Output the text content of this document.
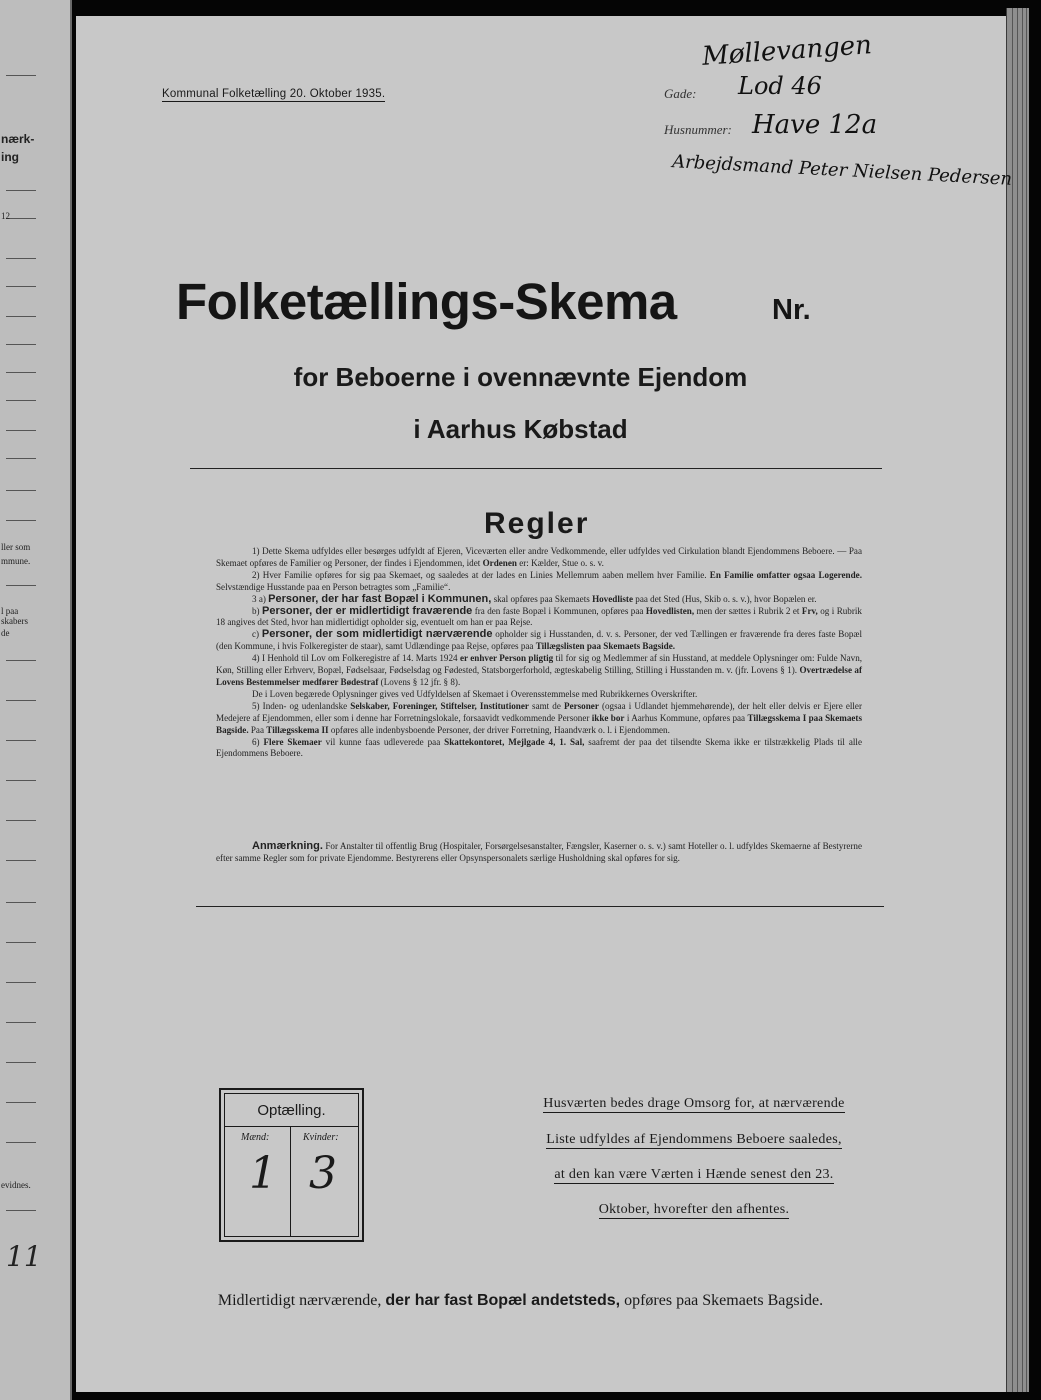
nærk-
ing
12
ller som
mmune.
l paa
skabers
de
evidnes.
11
Kommunal Folketælling 20. Oktober 1935.	Gade:
Husnummer:
Møllevangen
Lod 46
Have 12a
Arbejdsmand Peter Nielsen Pedersen
Folketællings-Skema	Nr.
for Beboerne i ovennævnte Ejendom
i Aarhus Købstad
Regler

1) Dette Skema udfyldes eller besørges udfyldt af Ejeren, Viceværten eller andre Vedkommende, eller udfyldes ved Cirkulation blandt Ejendommens Beboere. — Paa Skemaet opføres de Familier og Personer, der findes i Ejendommen, idet Ordenen er: Kælder, Stue o. s. v.

2) Hver Familie opføres for sig paa Skemaet, og saaledes at der lades en Linies Mellemrum aaben mellem hver Familie. En Familie omfatter ogsaa Logerende. Selvstændige Husstande paa en Person betragtes som „Familie“.

3 a) Personer, der har fast Bopæl i Kommunen, skal opføres paa Skemaets Hovedliste paa det Sted (Hus, Skib o. s. v.), hvor Bopælen er.

b) Personer, der er midlertidigt fraværende fra den faste Bopæl i Kommunen, opføres paa Hovedlisten, men der sættes i Rubrik 2 et Frv, og i Rubrik 18 angives det Sted, hvor han midlertidigt opholder sig, eventuelt om han er paa Rejse.

c) Personer, der som midlertidigt nærværende opholder sig i Husstanden, d. v. s. Personer, der ved Tællingen er fraværende fra deres faste Bopæl (den Kommune, i hvis Folkeregister de staar), samt Udlændinge paa Rejse, opføres paa Tillægslisten paa Skemaets Bagside.

4) I Henhold til Lov om Folkeregistre af 14. Marts 1924 er enhver Person pligtig til for sig og Medlemmer af sin Husstand, at meddele Oplysninger om: Fulde Navn, Køn, Stilling eller Erhverv, Bopæl, Fødselsaar, Fødselsdag og Fødested, Statsborgerforhold, ægteskabelig Stilling, Stilling i Husstanden m. v. (jfr. Lovens § 1). Overtrædelse af Lovens Bestemmelser medfører Bødestraf (Lovens § 12 jfr. § 8).

De i Loven begærede Oplysninger gives ved Udfyldelsen af Skemaet i Overensstemmelse med Rubrikkernes Overskrifter.

5) Inden- og udenlandske Selskaber, Foreninger, Stiftelser, Institutioner samt de Personer (ogsaa i Udlandet hjemmehørende), der helt eller delvis er Ejere eller Medejere af Ejendommen, eller som i denne har Forretningslokale, forsaavidt vedkommende Personer ikke bor i Aarhus Kommune, opføres paa Tillægsskema I paa Skemaets Bagside. Paa Tillægsskema II opføres alle indenbysboende Personer, der driver Forretning, Haandværk o. l. i Ejendommen.

6) Flere Skemaer vil kunne faas udleverede paa Skattekontoret, Mejlgade 4, 1. Sal, saafremt der paa det tilsendte Skema ikke er tilstrækkelig Plads til alle Ejendommens Beboere.

Anmærkning. For Anstalter til offentlig Brug (Hospitaler, Forsørgelsesanstalter, Fængsler, Kaserner o. s. v.) samt Hoteller o. l. udfyldes Skemaerne af Bestyrerne efter samme Regler som for private Ejendomme. Bestyrerens eller Opsynspersonalets særlige Husholdning skal opføres for sig.
Optælling.
Mænd:	Kvinder:
1 3
Husværten bedes drage Omsorg for, at nærværende
Liste udfyldes af Ejendommens Beboere saaledes,
at den kan være Værten i Hænde senest den 23.
Oktober, hvorefter den afhentes.
Midlertidigt nærværende, der har fast Bopæl andetsteds, opføres paa Skemaets Bagside.
